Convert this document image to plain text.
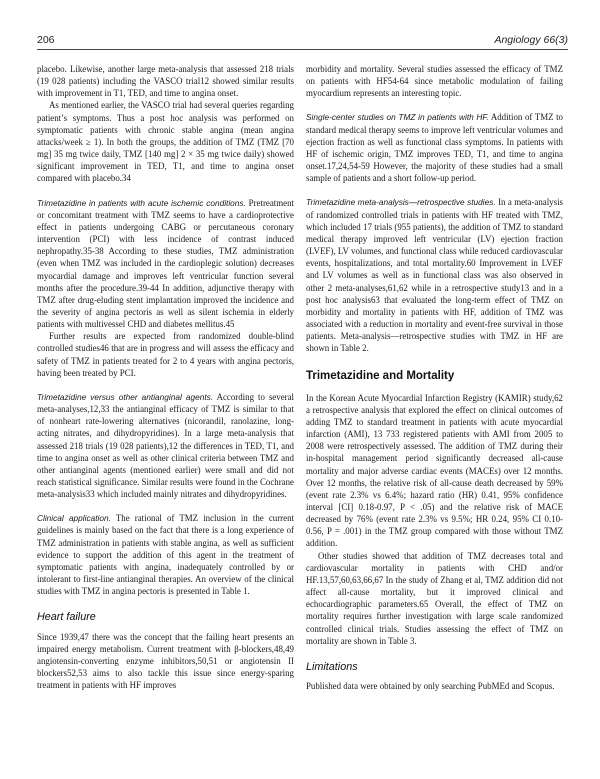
206	Angiology 66(3)

placebo. Likewise, another large meta-analysis that assessed 218 trials (19 028 patients) including the VASCO trial12 showed similar results with improvement in T1, TED, and time to angina onset.

As mentioned earlier, the VASCO trial had several queries regarding patient’s symptoms. Thus a post hoc analysis was performed on symptomatic patients with chronic stable angina (mean angina attacks/week ≥ 1). In both the groups, the addition of TMZ (TMZ [70 mg] 35 mg twice daily, TMZ [140 mg] 2 × 35 mg twice daily) showed significant improvement in TED, T1, and time to angina onset compared with placebo.34

Trimetazidine in patients with acute ischemic conditions. Pretreatment or concomitant treatment with TMZ seems to have a cardioprotective effect in patients undergoing CABG or percutaneous coronary intervention (PCI) with less incidence of contrast induced nephropathy.35-38 According to these studies, TMZ administration (even when TMZ was included in the cardioplegic solution) decreases myocardial damage and improves left ventricular function several months after the procedure.39-44 In addition, adjunctive therapy with TMZ after drug-eluding stent implantation improved the incidence and the severity of angina pectoris as well as silent ischemia in elderly patients with multivessel CHD and diabetes mellitus.45

Further results are expected from randomized double-blind controlled studies46 that are in progress and will assess the efficacy and safety of TMZ in patients treated for 2 to 4 years with angina pectoris, having been treated by PCI.

Trimetazidine versus other antianginal agents. According to several meta-analyses,12,33 the antianginal efficacy of TMZ is similar to that of nonheart rate-lowering alternatives (nicorandil, ranolazine, long-acting nitrates, and dihydropyridines). In a large meta-analysis that assessed 218 trials (19 028 patients),12 the differences in TED, T1, and time to angina onset as well as other clinical criteria between TMZ and other antianginal agents (mentioned earlier) were small and did not reach statistical significance. Similar results were found in the Cochrane meta-analysis33 which included mainly nitrates and dihydropyridines.

Clinical application. The rational of TMZ inclusion in the current guidelines is mainly based on the fact that there is a long experience of TMZ administration in patients with stable angina, as well as sufficient evidence to support the addition of this agent in the treatment of symptomatic patients with angina, inadequately controlled by or intolerant to first-line antianginal therapies. An overview of the clinical studies with TMZ in angina pectoris is presented in Table 1.

Heart failure

Since 1939,47 there was the concept that the failing heart presents an impaired energy metabolism. Current treatment with β-blockers,48,49 angiotensin-converting enzyme inhibitors,50,51 or angiotensin II blockers52,53 aims to also tackle this issue since energy-sparing treatment in patients with HF improves

morbidity and mortality. Several studies assessed the efficacy of TMZ on patients with HF54-64 since metabolic modulation of failing myocardium represents an interesting topic.

Single-center studies on TMZ in patients with HF. Addition of TMZ to standard medical therapy seems to improve left ventricular volumes and ejection fraction as well as functional class symptoms. In patients with HF of ischemic origin, TMZ improves TED, T1, and time to angina onset.17,24,54-59 However, the majority of these studies had a small sample of patients and a short follow-up period.

Trimetazidine meta-analysis—retrospective studies. In a meta-analysis of randomized controlled trials in patients with HF treated with TMZ, which included 17 trials (955 patients), the addition of TMZ to standard medical therapy improved left ventricular (LV) ejection fraction (LVEF), LV volumes, and functional class while reduced cardiovascular events, hospitalizations, and total mortality.60 Improvement in LVEF and LV volumes as well as in functional class was also observed in other 2 meta-analyses,61,62 while in a retrospective study13 and in a post hoc analysis63 that evaluated the long-term effect of TMZ on morbidity and mortality in patients with HF, addition of TMZ was associated with a reduction in mortality and event-free survival in those patients. Meta-analysis—retrospective studies with TMZ in HF are shown in Table 2.

Trimetazidine and Mortality

In the Korean Acute Myocardial Infarction Registry (KAMIR) study,62 a retrospective analysis that explored the effect on clinical outcomes of adding TMZ to standard treatment in patients with acute myocardial infarction (AMI), 13 733 registered patients with AMI from 2005 to 2008 were retrospectively assessed. The addition of TMZ during their in-hospital management period significantly decreased all-cause mortality and major adverse cardiac events (MACEs) over 12 months. Over 12 months, the relative risk of all-cause death decreased by 59% (event rate 2.3% vs 6.4%; hazard ratio (HR) 0.41, 95% confidence interval [CI] 0.18-0.97, P < .05) and the relative risk of MACE decreased by 76% (event rate 2.3% vs 9.5%; HR 0.24, 95% CI 0.10-0.56, P = .001) in the TMZ group compared with those without TMZ addition.

Other studies showed that addition of TMZ decreases total and cardiovascular mortality in patients with CHD and/or HF.13,57,60,63,66,67 In the study of Zhang et al, TMZ addition did not affect all-cause mortality, but it improved clinical and echocardiographic parameters.65 Overall, the effect of TMZ on mortality requires further investigation with large scale randomized controlled clinical trials. Studies assessing the effect of TMZ on mortality are shown in Table 3.

Limitations

Published data were obtained by only searching PubMEd and Scopus.
